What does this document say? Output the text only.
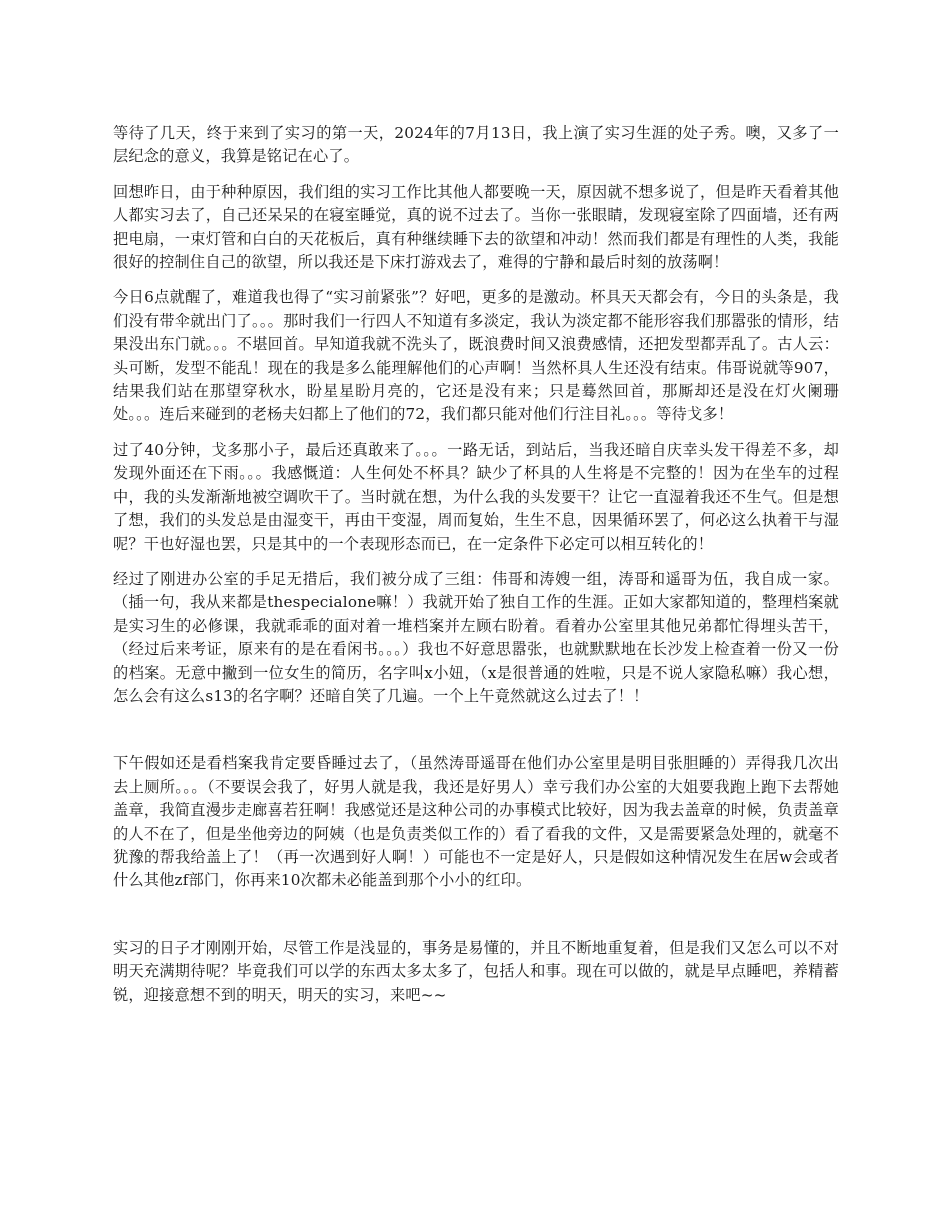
等待了几天，终于来到了实习的第一天，2024年的7月13日，我上演了实习生涯的处子秀。噢，又多了一层纪念的意义，我算是铭记在心了。

回想昨日，由于种种原因，我们组的实习工作比其他人都要晚一天，原因就不想多说了，但是昨天看着其他人都实习去了，自己还呆呆的在寝室睡觉，真的说不过去了。当你一张眼睛，发现寝室除了四面墙，还有两把电扇，一束灯管和白白的天花板后，真有种继续睡下去的欲望和冲动！然而我们都是有理性的人类，我能很好的控制住自己的欲望，所以我还是下床打游戏去了，难得的宁静和最后时刻的放荡啊！

今日6点就醒了，难道我也得了“实习前紧张”？好吧，更多的是激动。杯具天天都会有，今日的头条是，我们没有带伞就出门了。。。那时我们一行四人不知道有多淡定，我认为淡定都不能形容我们那嚣张的情形，结果没出东门就。。。不堪回首。早知道我就不洗头了，既浪费时间又浪费感情，还把发型都弄乱了。古人云：头可断，发型不能乱！现在的我是多么能理解他们的心声啊！当然杯具人生还没有结束。伟哥说就等907，结果我们站在那望穿秋水，盼星星盼月亮的，它还是没有来；只是蓦然回首，那厮却还是没在灯火阑珊处。。。连后来碰到的老杨夫妇都上了他们的72，我们都只能对他们行注目礼。。。等待戈多！

过了40分钟，戈多那小子，最后还真敢来了。。。一路无话，到站后，当我还暗自庆幸头发干得差不多，却发现外面还在下雨。。。我感慨道：人生何处不杯具？缺少了杯具的人生将是不完整的！因为在坐车的过程中，我的头发渐渐地被空调吹干了。当时就在想，为什么我的头发要干？让它一直湿着我还不生气。但是想了想，我们的头发总是由湿变干，再由干变湿，周而复始，生生不息，因果循环罢了，何必这么执着干与湿呢？干也好湿也罢，只是其中的一个表现形态而已，在一定条件下必定可以相互转化的！

经过了刚进办公室的手足无措后，我们被分成了三组：伟哥和涛嫂一组，涛哥和遥哥为伍，我自成一家。（插一句，我从来都是thespecialone嘛！）我就开始了独自工作的生涯。正如大家都知道的，整理档案就是实习生的必修课，我就乖乖的面对着一堆档案并左顾右盼着。看着办公室里其他兄弟都忙得埋头苦干，（经过后来考证，原来有的是在看闲书。。。）我也不好意思嚣张，也就默默地在长沙发上检查着一份又一份的档案。无意中撇到一位女生的简历，名字叫x小妞，（x是很普通的姓啦，只是不说人家隐私嘛）我心想，怎么会有这么s13的名字啊？还暗自笑了几遍。一个上午竟然就这么过去了！！

下午假如还是看档案我肯定要昏睡过去了，（虽然涛哥遥哥在他们办公室里是明目张胆睡的）弄得我几次出去上厕所。。。（不要误会我了，好男人就是我，我还是好男人）幸亏我们办公室的大姐要我跑上跑下去帮她盖章，我简直漫步走廊喜若狂啊！我感觉还是这种公司的办事模式比较好，因为我去盖章的时候，负责盖章的人不在了，但是坐他旁边的阿姨（也是负责类似工作的）看了看我的文件，又是需要紧急处理的，就毫不犹豫的帮我给盖上了！（再一次遇到好人啊！）可能也不一定是好人，只是假如这种情况发生在居w会或者什么其他zf部门，你再来10次都未必能盖到那个小小的红印。

实习的日子才刚刚开始，尽管工作是浅显的，事务是易懂的，并且不断地重复着，但是我们又怎么可以不对明天充满期待呢？毕竟我们可以学的东西太多太多了，包括人和事。现在可以做的，就是早点睡吧，养精蓄锐，迎接意想不到的明天，明天的实习，来吧~~
